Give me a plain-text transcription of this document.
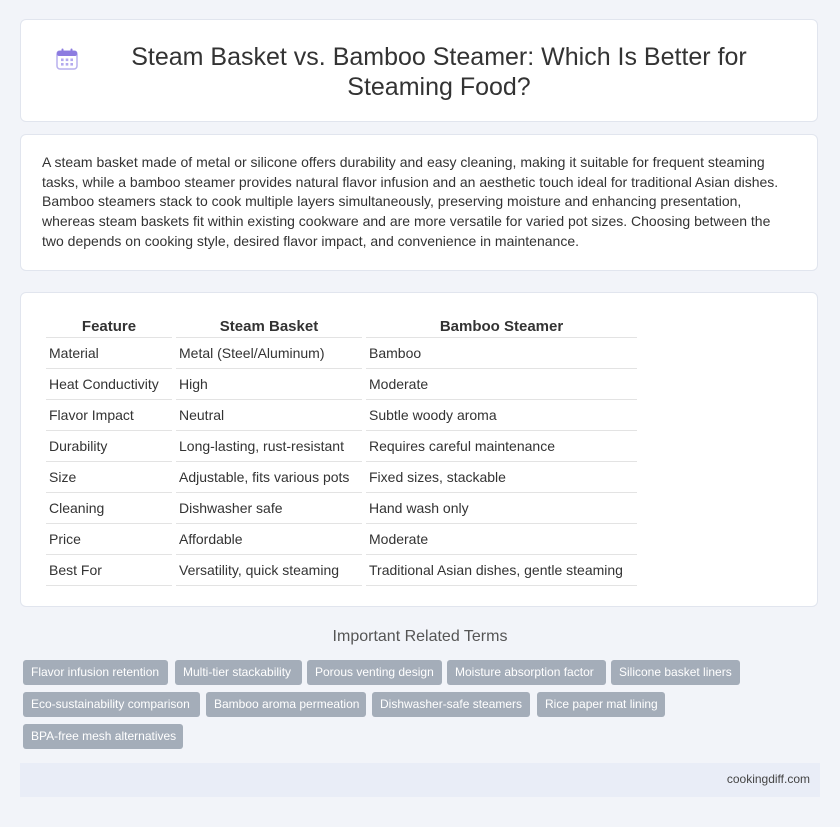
Steam Basket vs. Bamboo Steamer: Which Is Better for Steaming Food?

A steam basket made of metal or silicone offers durability and easy cleaning, making it suitable for frequent steaming tasks, while a bamboo steamer provides natural flavor infusion and an aesthetic touch ideal for traditional Asian dishes. Bamboo steamers stack to cook multiple layers simultaneously, preserving moisture and enhancing presentation, whereas steam baskets fit within existing cookware and are more versatile for varied pot sizes. Choosing between the two depends on cooking style, desired flavor impact, and convenience in maintenance.

Feature	Steam Basket	Bamboo Steamer
Material	Metal (Steel/Aluminum)	Bamboo
Heat Conductivity	High	Moderate
Flavor Impact	Neutral	Subtle woody aroma
Durability	Long-lasting, rust-resistant	Requires careful maintenance
Size	Adjustable, fits various pots	Fixed sizes, stackable
Cleaning	Dishwasher safe	Hand wash only
Price	Affordable	Moderate
Best For	Versatility, quick steaming	Traditional Asian dishes, gentle steaming
Important Related Terms
Flavor infusion retention	Multi-tier stackability	Porous venting design	Moisture absorption factor	Silicone basket liners
Eco-sustainability comparison	Bamboo aroma permeation	Dishwasher-safe steamers	Rice paper mat lining
BPA-free mesh alternatives
cookingdiff.com
